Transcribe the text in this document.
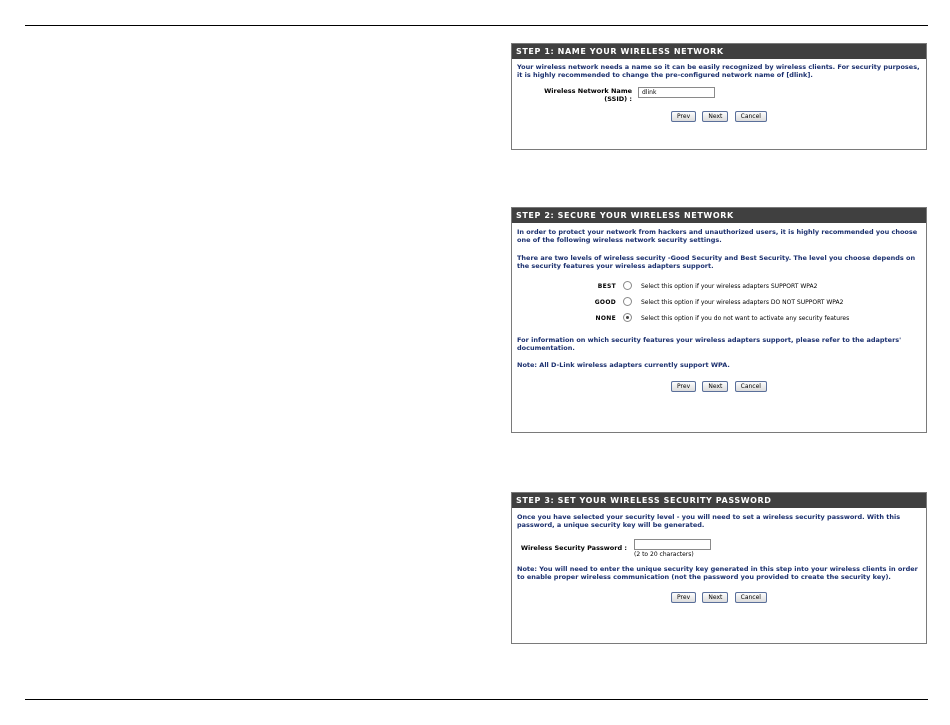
STEP 1: NAME YOUR WIRELESS NETWORK

Your wireless network needs a name so it can be easily recognized by wireless clients. For security purposes, it is highly recommended to change the pre-configured network name of [dlink].

Wireless Network Name
(SSID) :
dlink
Prev	Next	Cancel
STEP 2: SECURE YOUR WIRELESS NETWORK

In order to protect your network from hackers and unauthorized users, it is highly recommended you choose one of the following wireless network security settings.

There are two levels of wireless security -Good Security and Best Security. The level you choose depends on the security features your wireless adapters support.

BEST	Select this option if your wireless adapters SUPPORT WPA2
GOOD	Select this option if your wireless adapters DO NOT SUPPORT WPA2
NONE	Select this option if you do not want to activate any security features

For information on which security features your wireless adapters support, please refer to the adapters' documentation.

Note: All D-Link wireless adapters currently support WPA.

Prev	Next	Cancel
STEP 3: SET YOUR WIRELESS SECURITY PASSWORD

Once you have selected your security level - you will need to set a wireless security password. With this password, a unique security key will be generated.

Wireless Security Password :
(2 to 20 characters)

Note: You will need to enter the unique security key generated in this step into your wireless clients in order to enable proper wireless communication (not the password you provided to create the security key).

Prev	Next	Cancel
